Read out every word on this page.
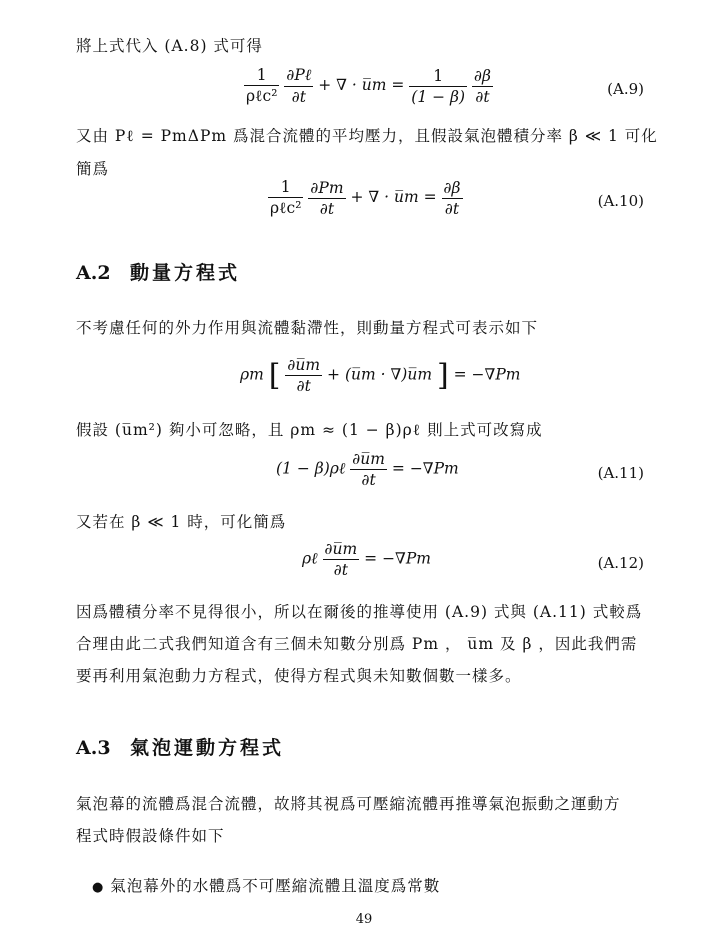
將上式代入 (A.8) 式可得
$\frac{1}{\text{ρℓc²}}$
$\frac{\text{∂Pℓ}}{\partial t}$ + ∇ · u̅m = $\frac{1}{(1 - \beta)}$
$\frac{\partial\beta}{\partial t}$	(A.9)
又由 Pℓ = PmΔPm 爲混合流體的平均壓力，且假設氣泡體積分率 β ≪ 1 可化
簡爲
$\frac{1}{\text{ρℓc²}}$
$\frac{\partial Pm}{\partial t}$ + ∇ · u̅m = $\frac{\partial\beta}{\partial t}$	(A.10)
A.2 動量方程式
不考慮任何的外力作用與流體黏滯性，則動量方程式可表示如下
ρm [ $\frac{\partial u̅m}{\partial t}$ + (u̅m · ∇)u̅m ] = −∇Pm
假設 (u̅m²) 夠小可忽略，且 ρm ≈ (1 − β)ρℓ 則上式可改寫成
(1 − β)ρℓ $\frac{\partial u̅m}{\partial t} = -\nabla Pm$	(A.11)
又若在 β ≪ 1 時，可化簡爲
ρℓ $\frac{\partial u̅m}{\partial t} = -\nabla Pm$	(A.12)
因爲體積分率不見得很小，所以在爾後的推導使用 (A.9) 式與 (A.11) 式較爲
合理由此二式我們知道含有三個未知數分別爲 Pm ， u̅m 及 β ，因此我們需
要再利用氣泡動力方程式，使得方程式與未知數個數一樣多。
A.3 氣泡運動方程式
氣泡幕的流體爲混合流體，故將其視爲可壓縮流體再推導氣泡振動之運動方
程式時假設條件如下
● 氣泡幕外的水體爲不可壓縮流體且溫度爲常數
49
